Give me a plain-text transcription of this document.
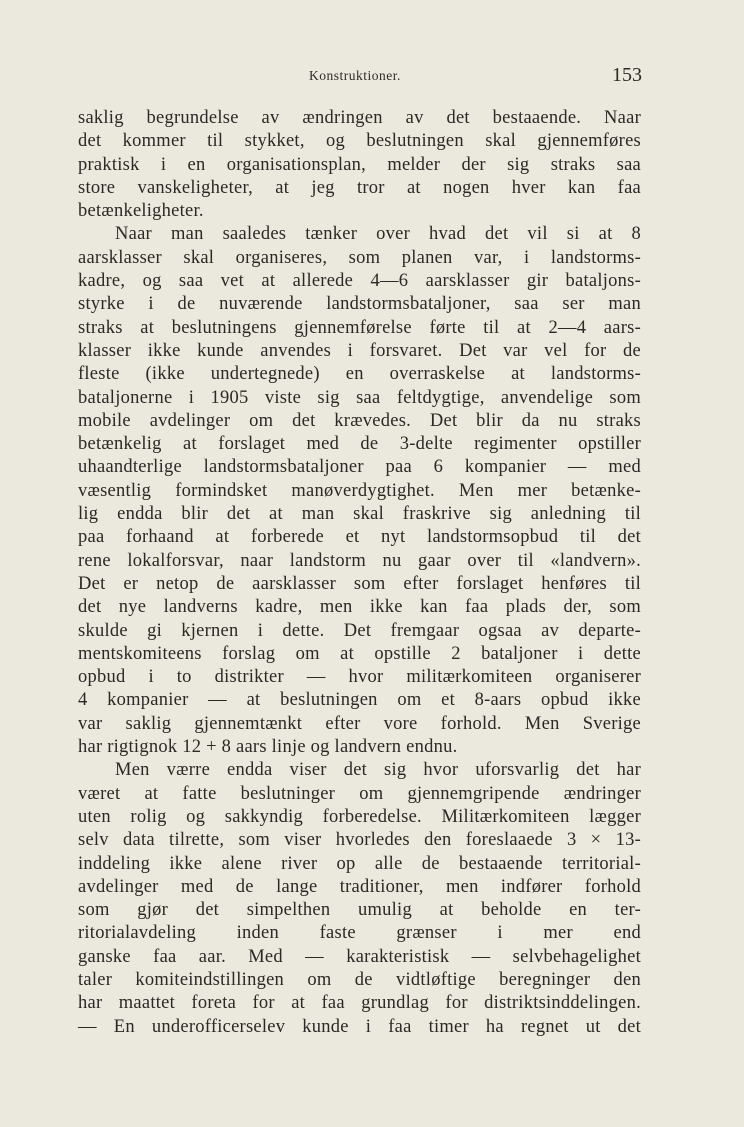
Konstruktioner.	153
saklig begrundelse av ændringen av det bestaaende. Naar
det kommer til stykket, og beslutningen skal gjennemføres
praktisk i en organisationsplan, melder der sig straks saa
store vanskeligheter, at jeg tror at nogen hver kan faa
betænkeligheter.
Naar man saaledes tænker over hvad det vil si at 8
aarsklasser skal organiseres, som planen var, i landstorms-
kadre, og saa vet at allerede 4—6 aarsklasser gir bataljons-
styrke i de nuværende landstormsbataljoner, saa ser man
straks at beslutningens gjennemførelse førte til at 2—4 aars-
klasser ikke kunde anvendes i forsvaret. Det var vel for de
fleste (ikke undertegnede) en overraskelse at landstorms-
bataljonerne i 1905 viste sig saa feltdygtige, anvendelige som
mobile avdelinger om det krævedes. Det blir da nu straks
betænkelig at forslaget med de 3-delte regimenter opstiller
uhaandterlige landstormsbataljoner paa 6 kompanier — med
væsentlig formindsket manøverdygtighet. Men mer betænke-
lig endda blir det at man skal fraskrive sig anledning til
paa forhaand at forberede et nyt landstormsopbud til det
rene lokalforsvar, naar landstorm nu gaar over til «landvern».
Det er netop de aarsklasser som efter forslaget henføres til
det nye landverns kadre, men ikke kan faa plads der, som
skulde gi kjernen i dette. Det fremgaar ogsaa av departe-
mentskomiteens forslag om at opstille 2 bataljoner i dette
opbud i to distrikter — hvor militærkomiteen organiserer
4 kompanier — at beslutningen om et 8-aars opbud ikke
var saklig gjennemtænkt efter vore forhold. Men Sverige
har rigtignok 12 + 8 aars linje og landvern endnu.
Men værre endda viser det sig hvor uforsvarlig det har
været at fatte beslutninger om gjennemgripende ændringer
uten rolig og sakkyndig forberedelse. Militærkomiteen lægger
selv data tilrette, som viser hvorledes den foreslaaede 3 × 13-
inddeling ikke alene river op alle de bestaaende territorial-
avdelinger med de lange traditioner, men indfører forhold
som gjør det simpelthen umulig at beholde en ter-
ritorialavdeling inden faste grænser i mer end
ganske faa aar. Med — karakteristisk — selvbehagelighet
taler komiteindstillingen om de vidtløftige beregninger den
har maattet foreta for at faa grundlag for distriktsinddelingen.
— En underofficerselev kunde i faa timer ha regnet ut det
